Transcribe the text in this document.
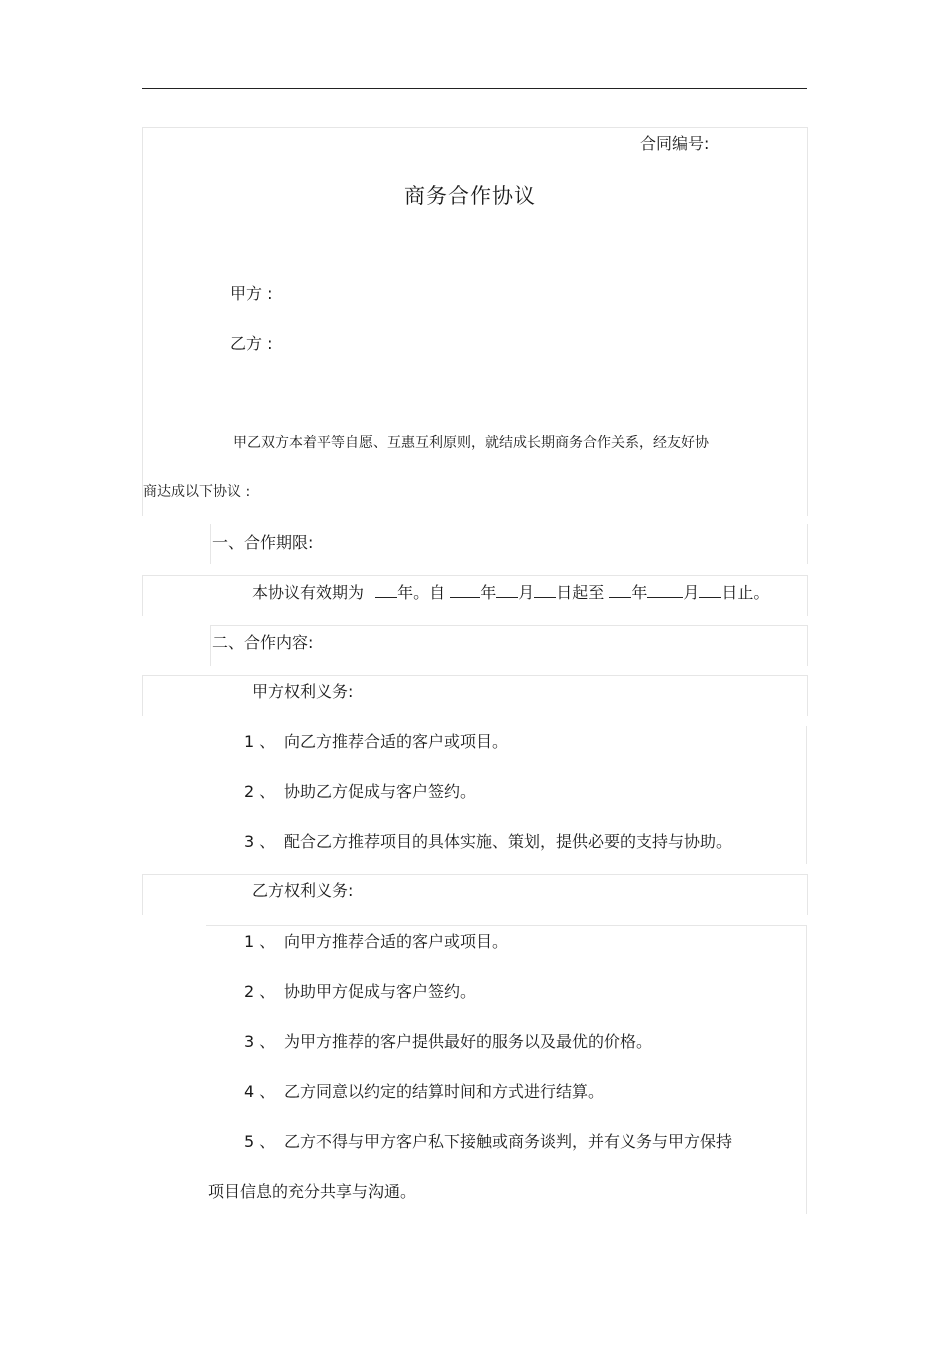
合同编号:
商务合作协议
甲方 :
乙方 :
甲乙双方本着平等自愿、互惠互利原则，就结成长期商务合作关系，经友好协
商达成以下协议 :
一、合作期限:
本协议有效期为 年。自 年 月 日起至 年 月 日止。
二、合作内容:
甲方权利义务:
1 、 向乙方推荐合适的客户或项目。
2 、 协助乙方促成与客户签约。
3 、 配合乙方推荐项目的具体实施、策划，提供必要的支持与协助。
乙方权利义务:
1 、 向甲方推荐合适的客户或项目。
2 、 协助甲方促成与客户签约。
3 、 为甲方推荐的客户提供最好的服务以及最优的价格。
4 、 乙方同意以约定的结算时间和方式进行结算。
5 、 乙方不得与甲方客户私下接触或商务谈判，并有义务与甲方保持
项目信息的充分共享与沟通。
